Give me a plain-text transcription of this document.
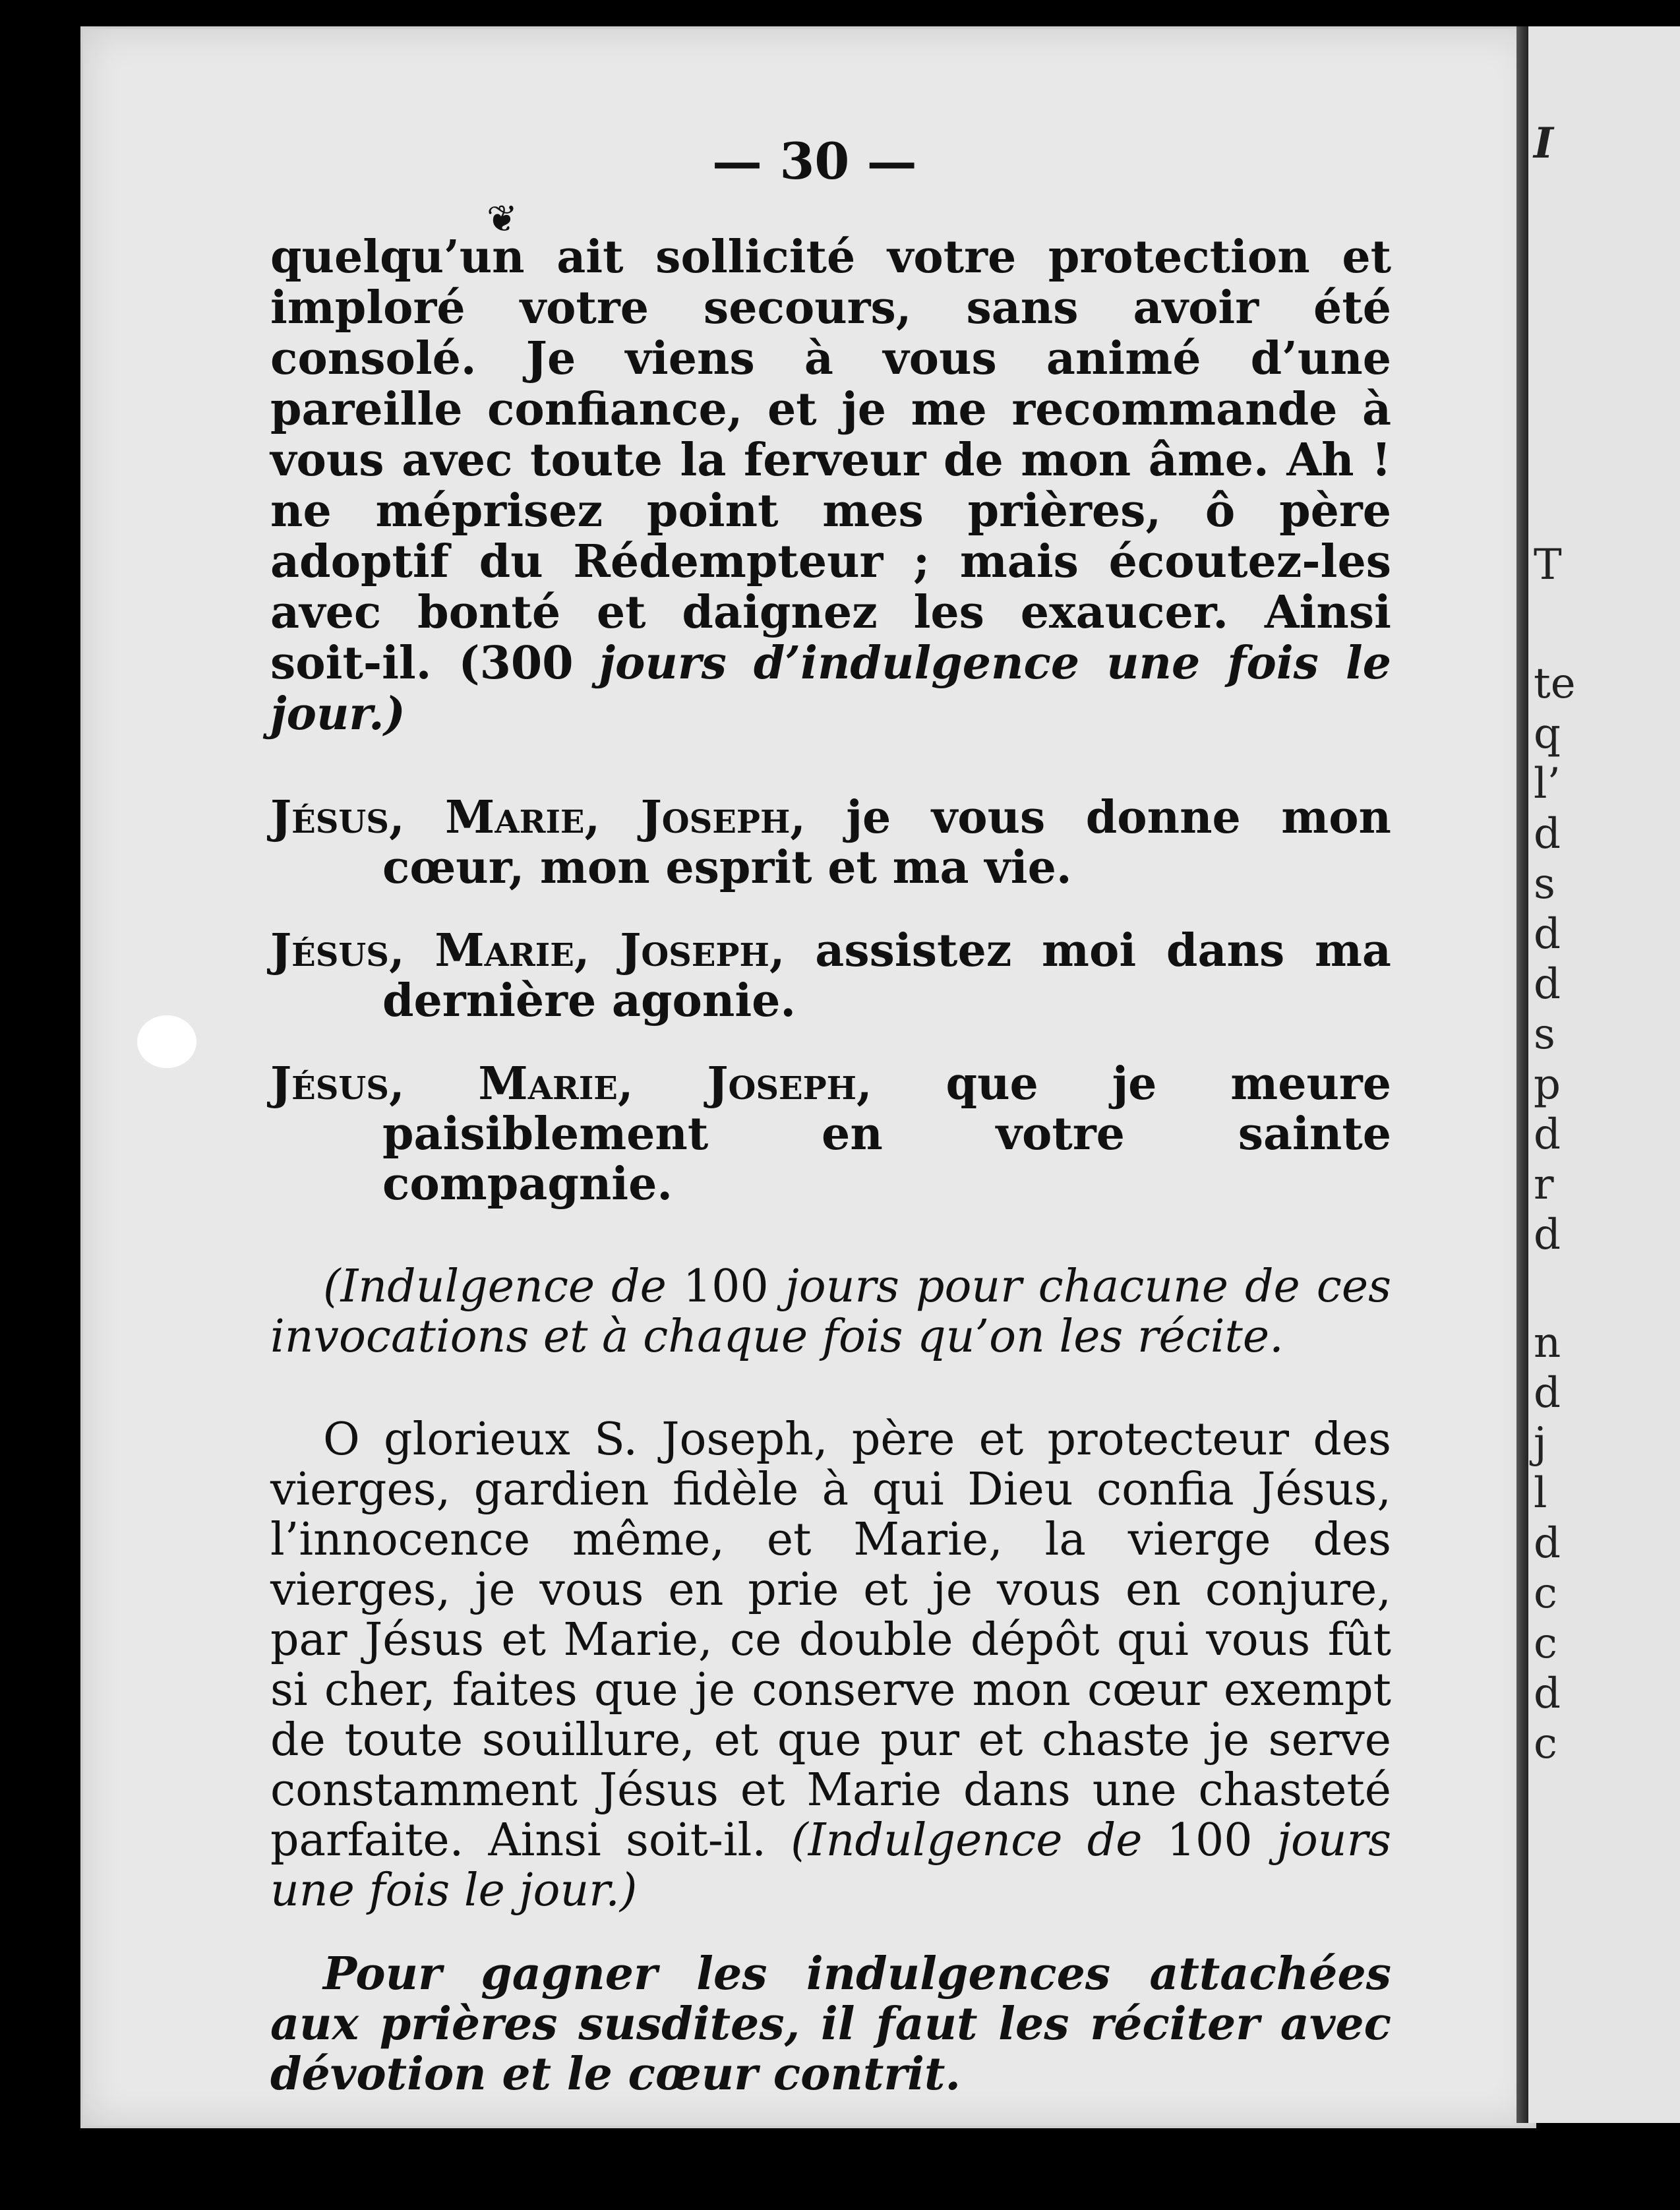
I
T
te
q
l’
d
s
d
d
s
p
d
r
d
n
d
j
l
d
c
c
d
c
— 30 —
❦

quelqu’un ait sollicité votre protection et imploré votre secours, sans avoir été consolé. Je viens à vous animé d’une pareille confiance, et je me recommande à vous avec toute la ferveur de mon âme. Ah ! ne méprisez point mes prières, ô père adoptif du Rédempteur ; mais écoutez-les avec bonté et daignez les exaucer. Ainsi soit-il. (300 jours d’indulgence une fois le jour.)

Jésus, Marie, Joseph, je vous donne mon cœur, mon esprit et ma vie.

Jésus, Marie, Joseph, assistez moi dans ma dernière agonie.

Jésus, Marie, Joseph, que je meure paisiblement en votre sainte compagnie.

(Indulgence de 100 jours pour chacune de ces invocations et à chaque fois qu’on les récite.

O glorieux S. Joseph, père et protecteur des vierges, gardien fidèle à qui Dieu confia Jésus, l’innocence même, et Marie, la vierge des vierges, je vous en prie et je vous en conjure, par Jésus et Marie, ce double dépôt qui vous fût si cher, faites que je conserve mon cœur exempt de toute souillure, et que pur et chaste je serve constamment Jésus et Marie dans une chasteté parfaite. Ainsi soit-il. (Indulgence de 100 jours une fois le jour.)

Pour gagner les indulgences attachées aux prières susdites, il faut les réciter avec dévotion et le cœur contrit.
